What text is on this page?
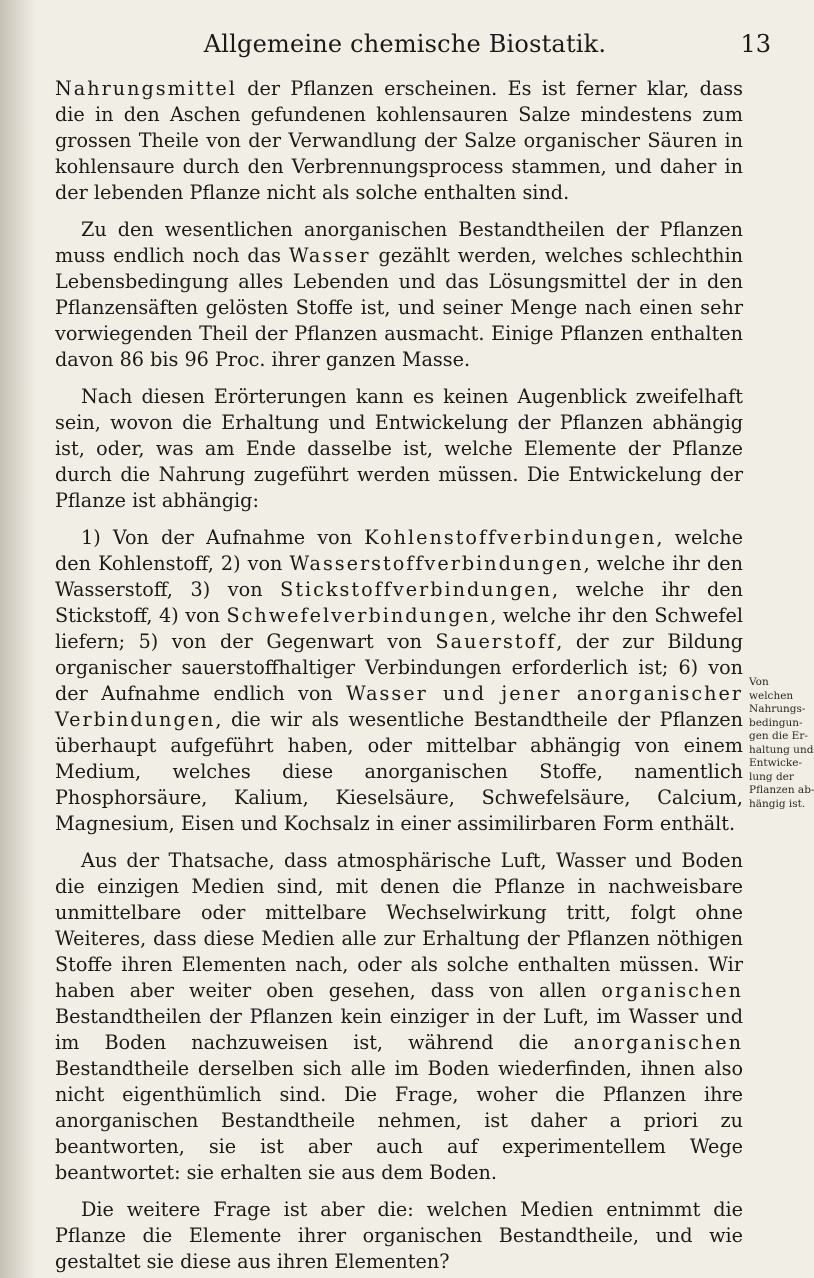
Allgemeine chemische Biostatik.	13

Nahrungsmittel der Pflanzen erscheinen. Es ist ferner klar, dass die in den Aschen gefundenen kohlensauren Salze mindestens zum grossen Theile von der Verwandlung der Salze organischer Säuren in kohlensaure durch den Verbrennungsprocess stammen, und daher in der lebenden Pflanze nicht als solche enthalten sind.

Zu den wesentlichen anorganischen Bestandtheilen der Pflanzen muss endlich noch das Wasser gezählt werden, welches schlechthin Lebensbedingung alles Lebenden und das Lösungsmittel der in den Pflanzensäften gelösten Stoffe ist, und seiner Menge nach einen sehr vorwiegenden Theil der Pflanzen ausmacht. Einige Pflanzen enthalten davon 86 bis 96 Proc. ihrer ganzen Masse.

Nach diesen Erörterungen kann es keinen Augenblick zweifelhaft sein, wovon die Erhaltung und Entwickelung der Pflanzen abhängig ist, oder, was am Ende dasselbe ist, welche Elemente der Pflanze durch die Nahrung zugeführt werden müssen. Die Entwickelung der Pflanze ist abhängig:

1) Von der Aufnahme von Kohlenstoffverbindungen, welche den Kohlenstoff, 2) von Wasserstoffverbindungen, welche ihr den Wasserstoff, 3) von Stickstoffverbindungen, welche ihr den Stickstoff, 4) von Schwefelverbindungen, welche ihr den Schwefel liefern; 5) von der Gegenwart von Sauerstoff, der zur Bildung organischer sauerstoffhaltiger Verbindungen erforderlich ist; 6) von der Aufnahme endlich von Wasser und jener anorganischer Verbindungen, die wir als wesentliche Bestandtheile der Pflanzen überhaupt aufgeführt haben, oder mittelbar abhängig von einem Medium, welches diese anorganischen Stoffe, namentlich Phosphorsäure, Kalium, Kieselsäure, Schwefelsäure, Calcium, Magnesium, Eisen und Kochsalz in einer assimilirbaren Form enthält.

Aus der Thatsache, dass atmosphärische Luft, Wasser und Boden die einzigen Medien sind, mit denen die Pflanze in nachweisbare unmittelbare oder mittelbare Wechselwirkung tritt, folgt ohne Weiteres, dass diese Medien alle zur Erhaltung der Pflanzen nöthigen Stoffe ihren Elementen nach, oder als solche enthalten müssen. Wir haben aber weiter oben gesehen, dass von allen organischen Bestandtheilen der Pflanzen kein einziger in der Luft, im Wasser und im Boden nachzuweisen ist, während die anorganischen Bestandtheile derselben sich alle im Boden wiederfinden, ihnen also nicht eigenthümlich sind. Die Frage, woher die Pflanzen ihre anorganischen Bestandtheile nehmen, ist daher a priori zu beantworten, sie ist aber auch auf experimentellem Wege beantwortet: sie erhalten sie aus dem Boden.

Die weitere Frage ist aber die: welchen Medien entnimmt die Pflanze die Elemente ihrer organischen Bestandtheile, und wie gestaltet sie diese aus ihren Elementen?

Von
welchen
Nahrungs-
bedingun-
gen die Er-
haltung und
Entwicke-
lung der
Pflanzen ab-
hängig ist.
